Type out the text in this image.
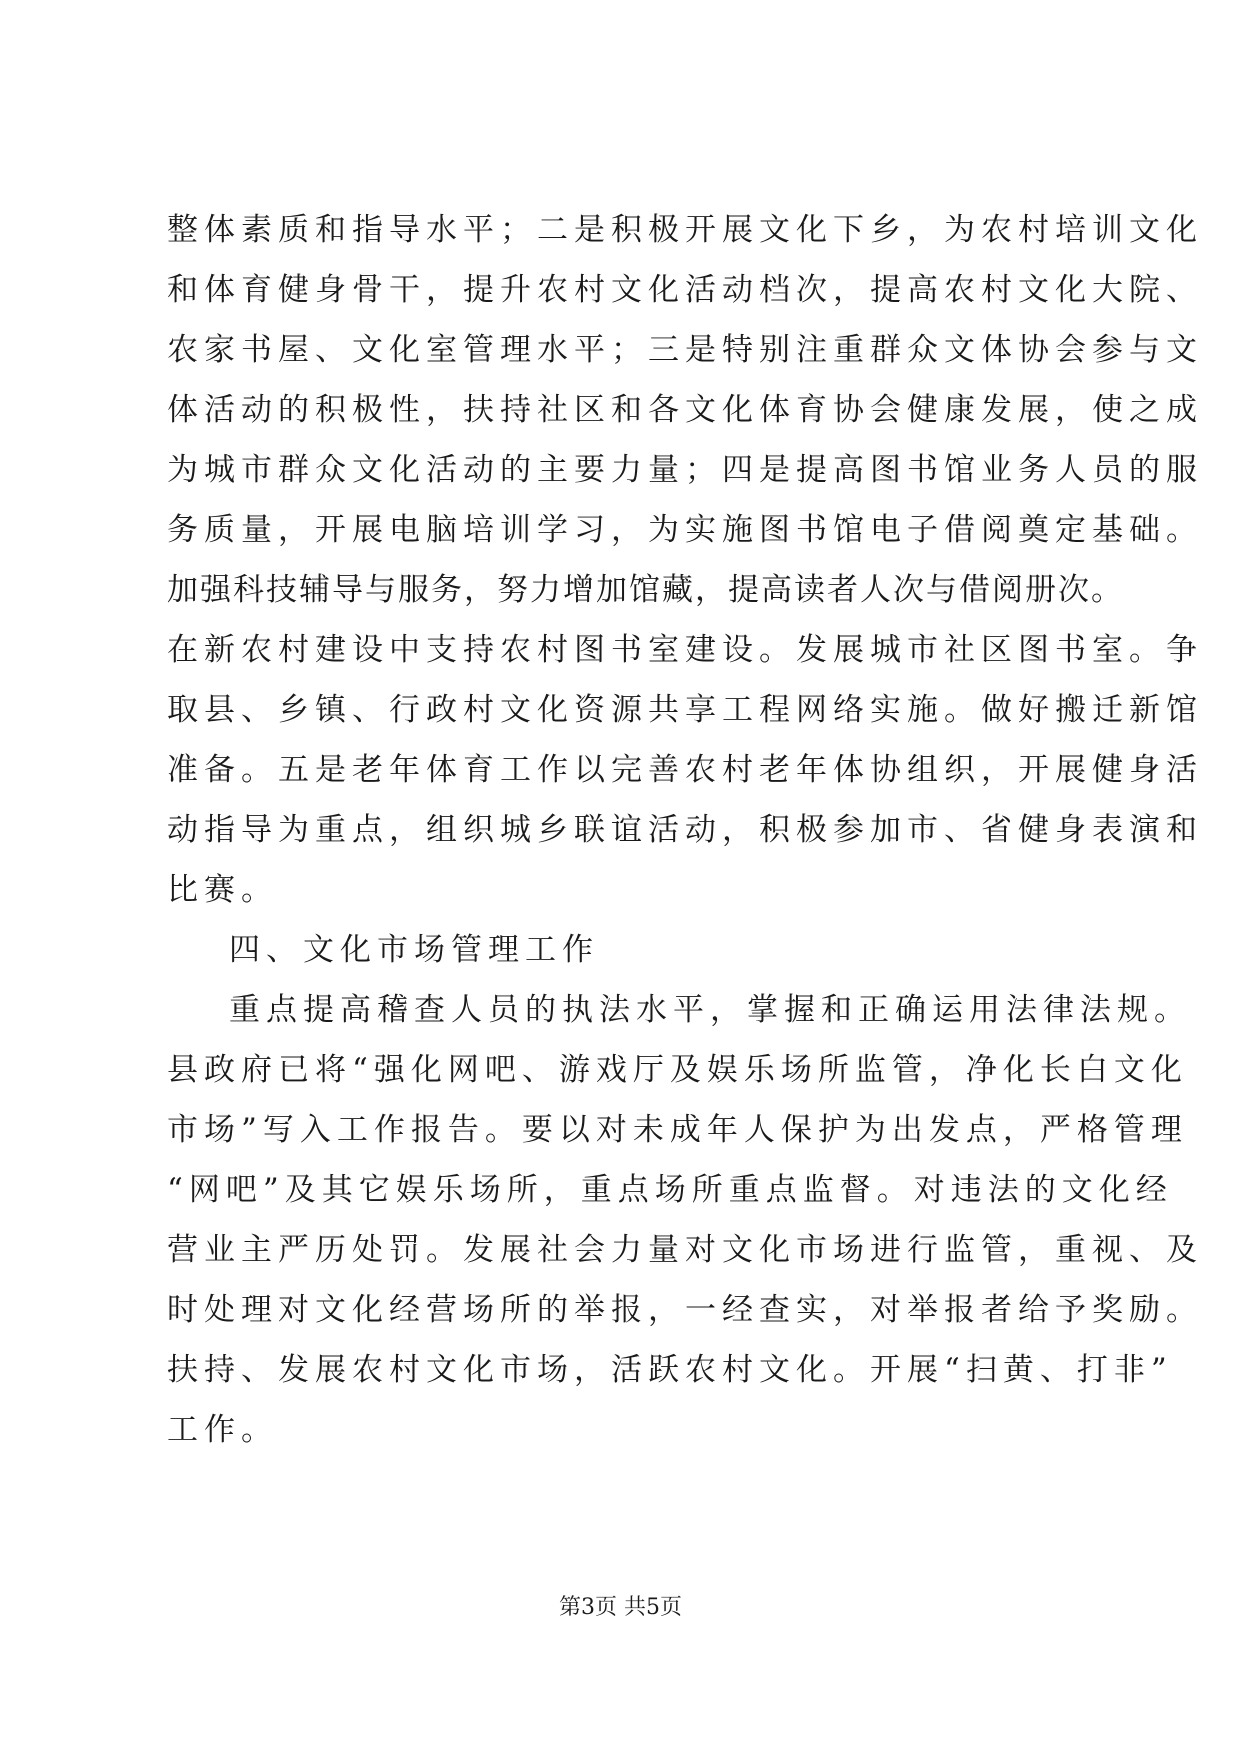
整体素质和指导水平；二是积极开展文化下乡，为农村培训文化
和体育健身骨干，提升农村文化活动档次，提高农村文化大院、
农家书屋、文化室管理水平；三是特别注重群众文体协会参与文
体活动的积极性，扶持社区和各文化体育协会健康发展，使之成
为城市群众文化活动的主要力量；四是提高图书馆业务人员的服
务质量，开展电脑培训学习，为实施图书馆电子借阅奠定基础。
加强科技辅导与服务，努力增加馆藏，提高读者人次与借阅册次。
在新农村建设中支持农村图书室建设。发展城市社区图书室。争
取县、乡镇、行政村文化资源共享工程网络实施。做好搬迁新馆
准备。五是老年体育工作以完善农村老年体协组织，开展健身活
动指导为重点，组织城乡联谊活动，积极参加市、省健身表演和
比赛。
四、文化市场管理工作
重点提高稽查人员的执法水平，掌握和正确运用法律法规。
县政府已将“强化网吧、游戏厅及娱乐场所监管，净化长白文化
市场”写入工作报告。要以对未成年人保护为出发点，严格管理
“网吧”及其它娱乐场所，重点场所重点监督。对违法的文化经
营业主严历处罚。发展社会力量对文化市场进行监管，重视、及
时处理对文化经营场所的举报，一经查实，对举报者给予奖励。
扶持、发展农村文化市场，活跃农村文化。开展“扫黄、打非”
工作。
第3页 共5页
